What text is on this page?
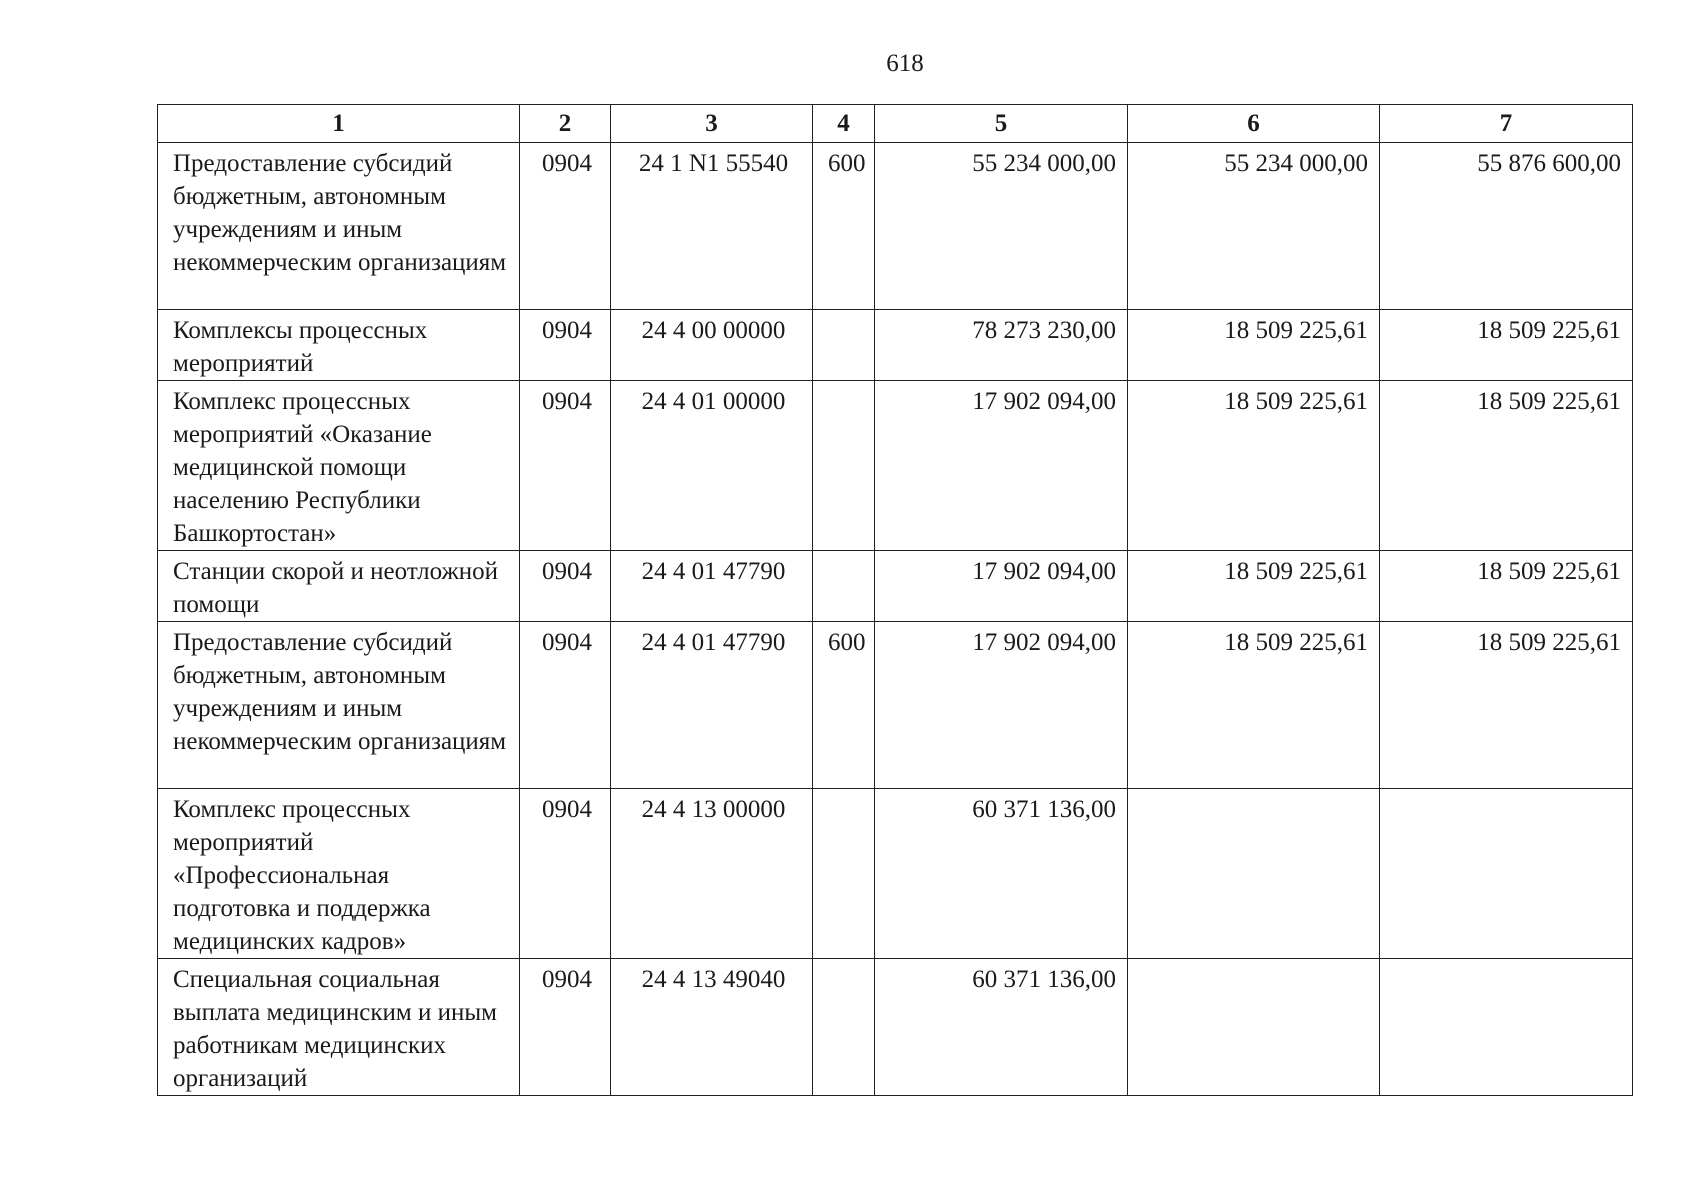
618
1	2	3	4	5	6	7
Предоставление субсидий бюджетным, автономным учреждениям и иным некоммерческим организациям	0904	24 1 N1 55540	600	55 234 000,00	55 234 000,00	55 876 600,00
Комплексы процессных мероприятий	0904	24 4 00 00000		78 273 230,00	18 509 225,61	18 509 225,61
Комплекс процессных мероприятий «Оказание медицинской помощи населению Республики Башкортостан»	0904	24 4 01 00000		17 902 094,00	18 509 225,61	18 509 225,61
Станции скорой и неотложной помощи	0904	24 4 01 47790		17 902 094,00	18 509 225,61	18 509 225,61
Предоставление субсидий бюджетным, автономным учреждениям и иным некоммерческим организациям	0904	24 4 01 47790	600	17 902 094,00	18 509 225,61	18 509 225,61
Комплекс процессных мероприятий «Профессиональная подготовка и поддержка медицинских кадров»	0904	24 4 13 00000		60 371 136,00		
Специальная социальная выплата медицинским и иным работникам медицинских организаций	0904	24 4 13 49040		60 371 136,00		
